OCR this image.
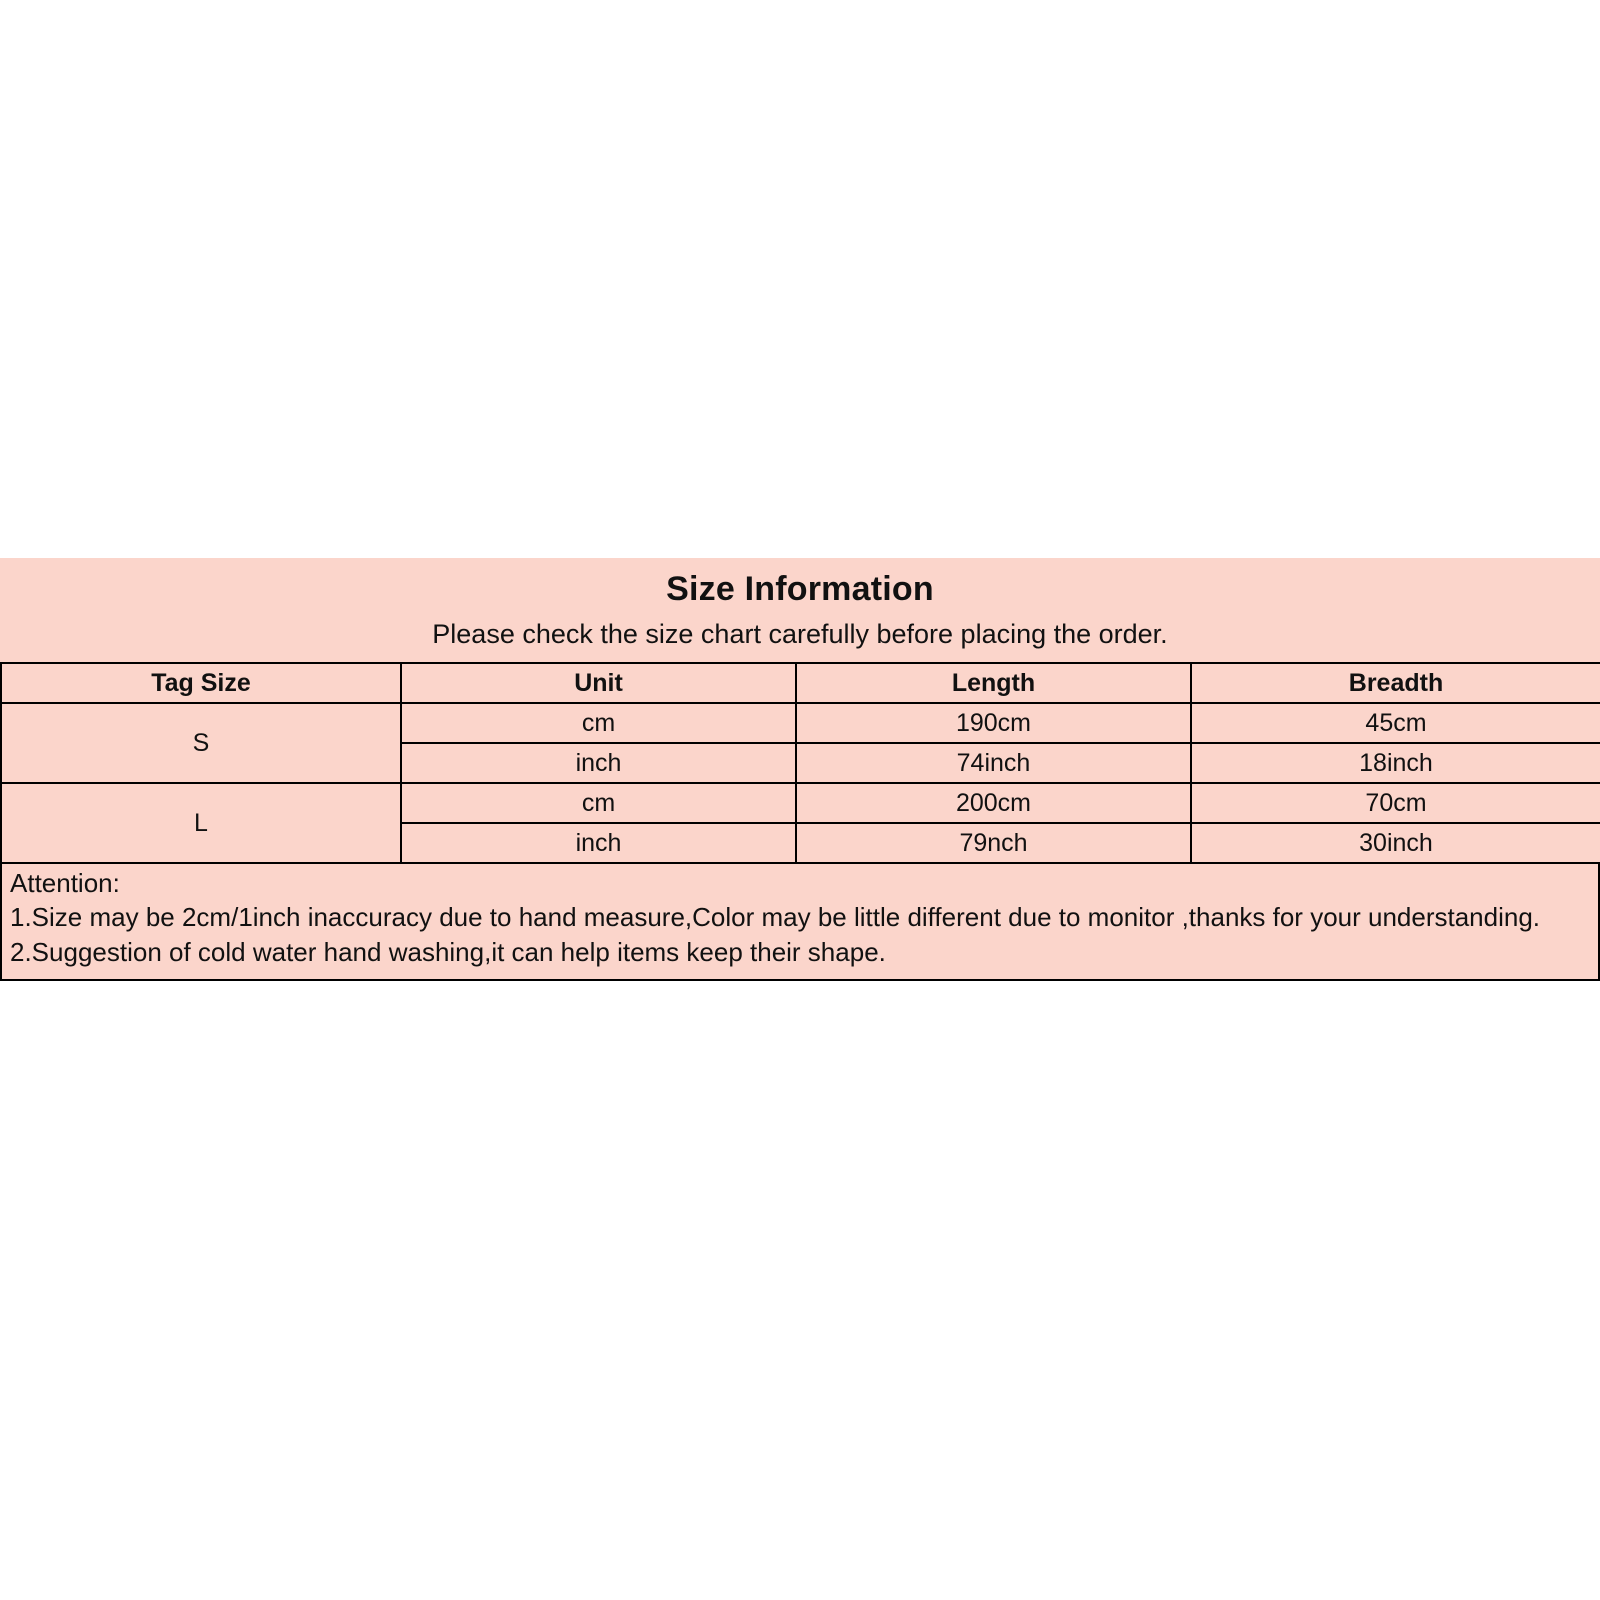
Size Information
Please check the size chart carefully before placing the order.
Tag Size	Unit	Length	Breadth
S	cm	190cm	45cm
	inch	74inch	18inch
L	cm	200cm	70cm
	inch	79nch	30inch
Attention:
1.Size may be 2cm/1inch inaccuracy due to hand measure,Color may be little different due to monitor ,thanks for your understanding.
2.Suggestion of cold water hand washing,it can help items keep their shape.
